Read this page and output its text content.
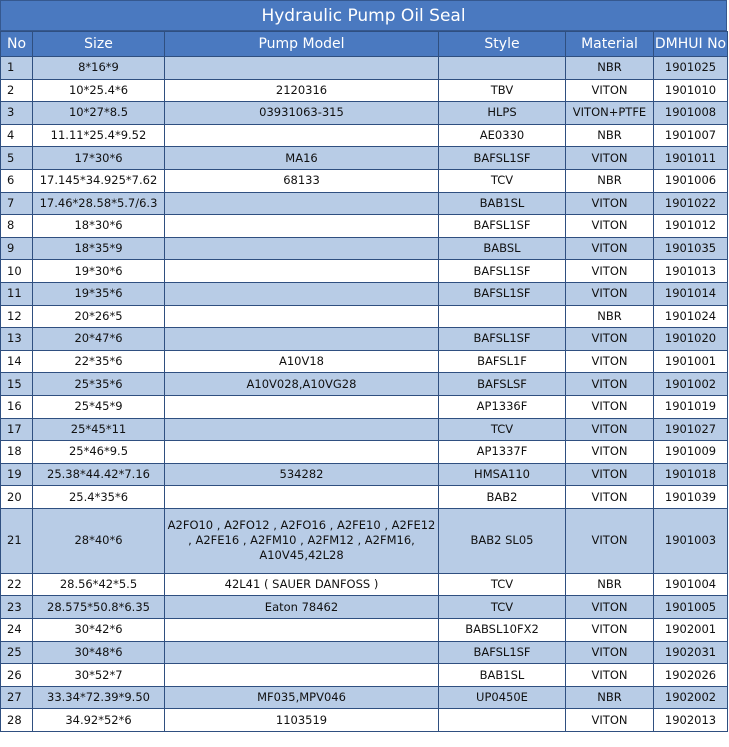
Hydraulic Pump Oil Seal
No	Size	Pump Model	Style	Material	DMHUI No
1	8*16*9			NBR	1901025
2	10*25.4*6	2120316	TBV	VITON	1901010
3	10*27*8.5	03931063-315	HLPS	VITON+PTFE	1901008
4	11.11*25.4*9.52		AE0330	NBR	1901007
5	17*30*6	MA16	BAFSL1SF	VITON	1901011
6	17.145*34.925*7.62	68133	TCV	NBR	1901006
7	17.46*28.58*5.7/6.3		BAB1SL	VITON	1901022
8	18*30*6		BAFSL1SF	VITON	1901012
9	18*35*9		BABSL	VITON	1901035
10	19*30*6		BAFSL1SF	VITON	1901013
11	19*35*6		BAFSL1SF	VITON	1901014
12	20*26*5			NBR	1901024
13	20*47*6		BAFSL1SF	VITON	1901020
14	22*35*6	A10V18	BAFSL1F	VITON	1901001
15	25*35*6	A10V028,A10VG28	BAFSLSF	VITON	1901002
16	25*45*9		AP1336F	VITON	1901019
17	25*45*11		TCV	VITON	1901027
18	25*46*9.5		AP1337F	VITON	1901009
19	25.38*44.42*7.16	534282	HMSA110	VITON	1901018
20	25.4*35*6		BAB2	VITON	1901039
21	28*40*6	A2FO10 , A2FO12 , A2FO16 , A2FE10 , A2FE12 , A2FE16 , A2FM10 , A2FM12 , A2FM16, A10V45,42L28	BAB2 SL05	VITON	1901003
22	28.56*42*5.5	42L41 ( SAUER DANFOSS )	TCV	NBR	1901004
23	28.575*50.8*6.35	Eaton 78462	TCV	VITON	1901005
24	30*42*6		BABSL10FX2	VITON	1902001
25	30*48*6		BAFSL1SF	VITON	1902031
26	30*52*7		BAB1SL	VITON	1902026
27	33.34*72.39*9.50	MF035,MPV046	UP0450E	NBR	1902002
28	34.92*52*6	1103519		VITON	1902013
